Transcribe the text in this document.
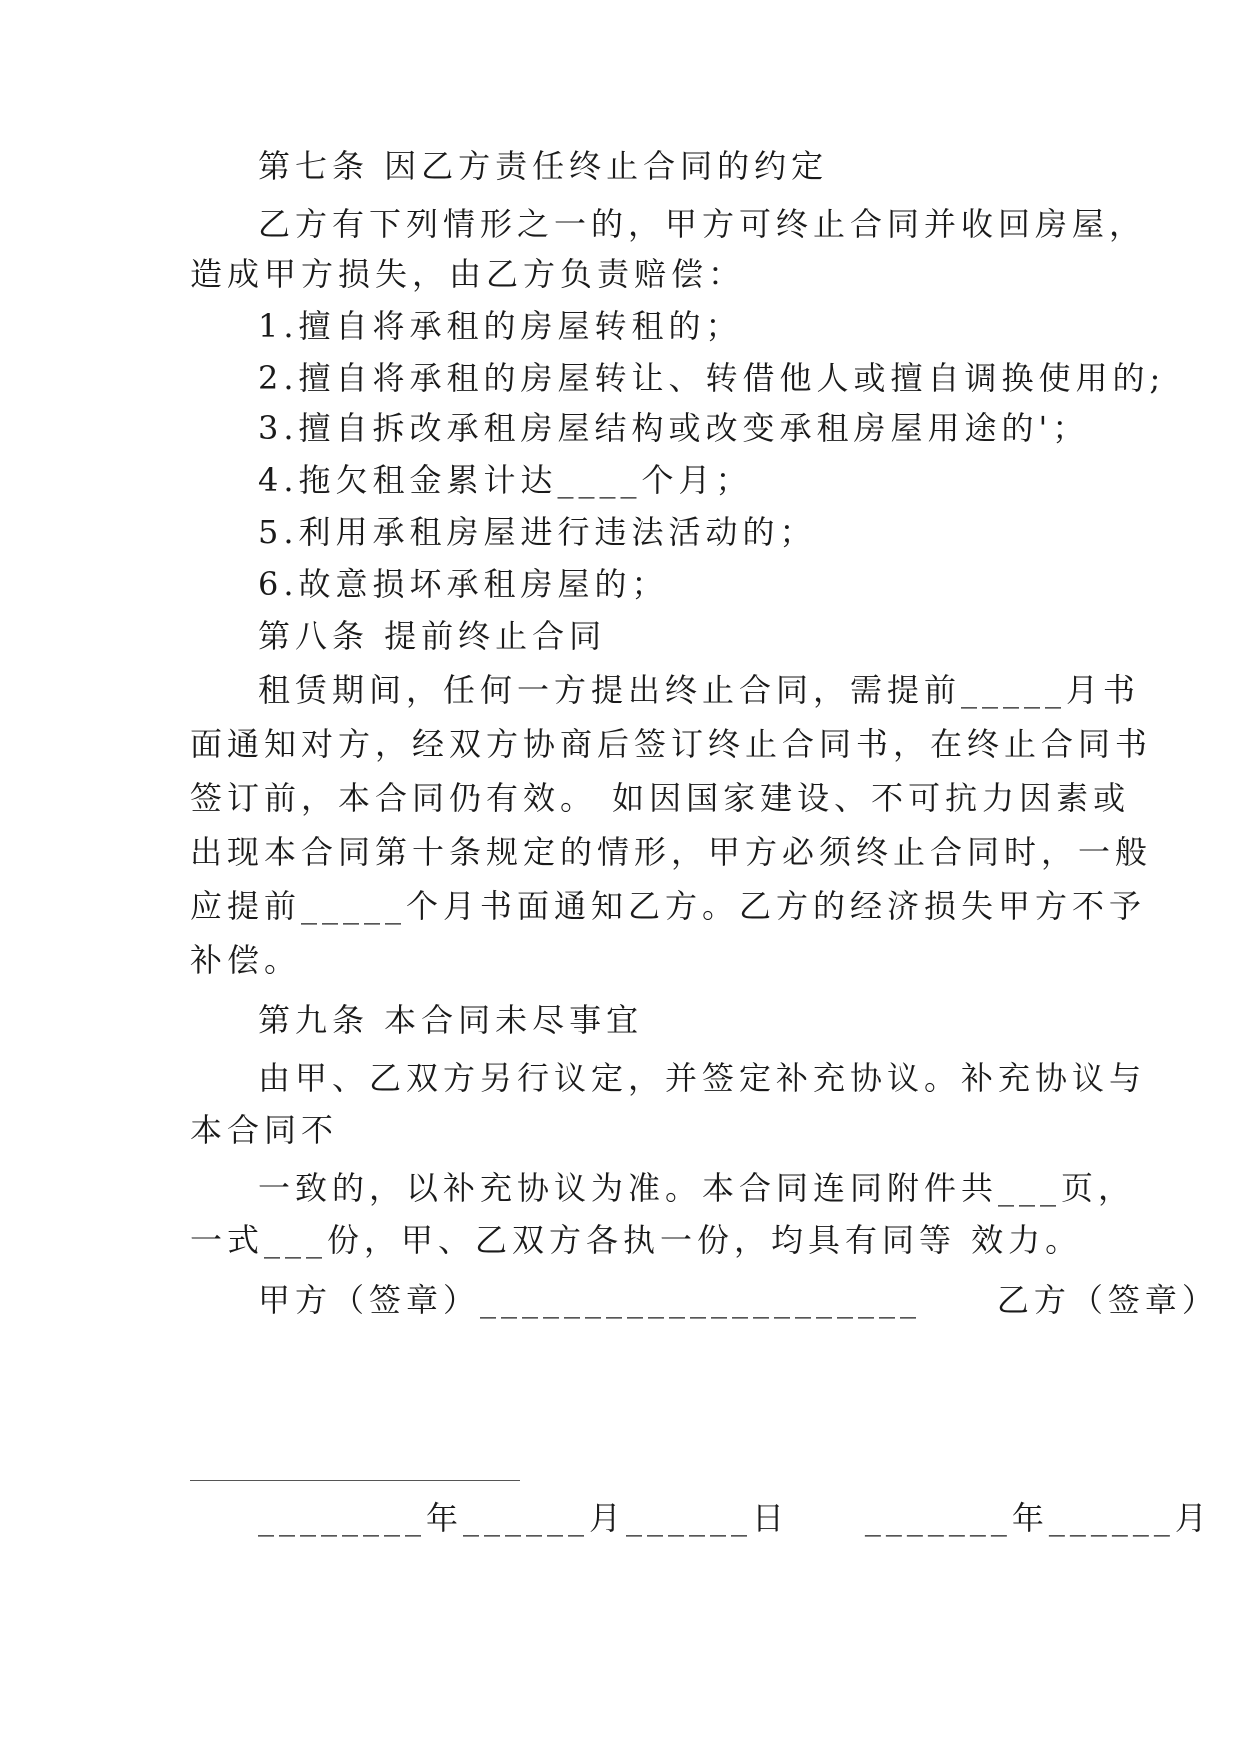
第七条 因乙方责任终止合同的约定
乙方有下列情形之一的，甲方可终止合同并收回房屋，
造成甲方损失，由乙方负责赔偿：
1.擅自将承租的房屋转租的；
2.擅自将承租的房屋转让、转借他人或擅自调换使用的;
3.擅自拆改承租房屋结构或改变承租房屋用途的'；
4.拖欠租金累计达____个月；
5.利用承租房屋进行违法活动的；
6.故意损坏承租房屋的；
第八条 提前终止合同
租赁期间，任何一方提出终止合同，需提前_____月书
面通知对方，经双方协商后签订终止合同书，在终止合同书
签订前，本合同仍有效。 如因国家建设、不可抗力因素或
出现本合同第十条规定的情形，甲方必须终止合同时，一般
应提前_____个月书面通知乙方。乙方的经济损失甲方不予
补偿。
第九条 本合同未尽事宜
由甲、乙双方另行议定，并签定补充协议。补充协议与
本合同不
一致的，以补充协议为准。本合同连同附件共___页，
一式___份，甲、乙双方各执一份，均具有同等 效力。
甲方（签章）_____________________     乙方（签章）
________年______月______日     _______年______月
